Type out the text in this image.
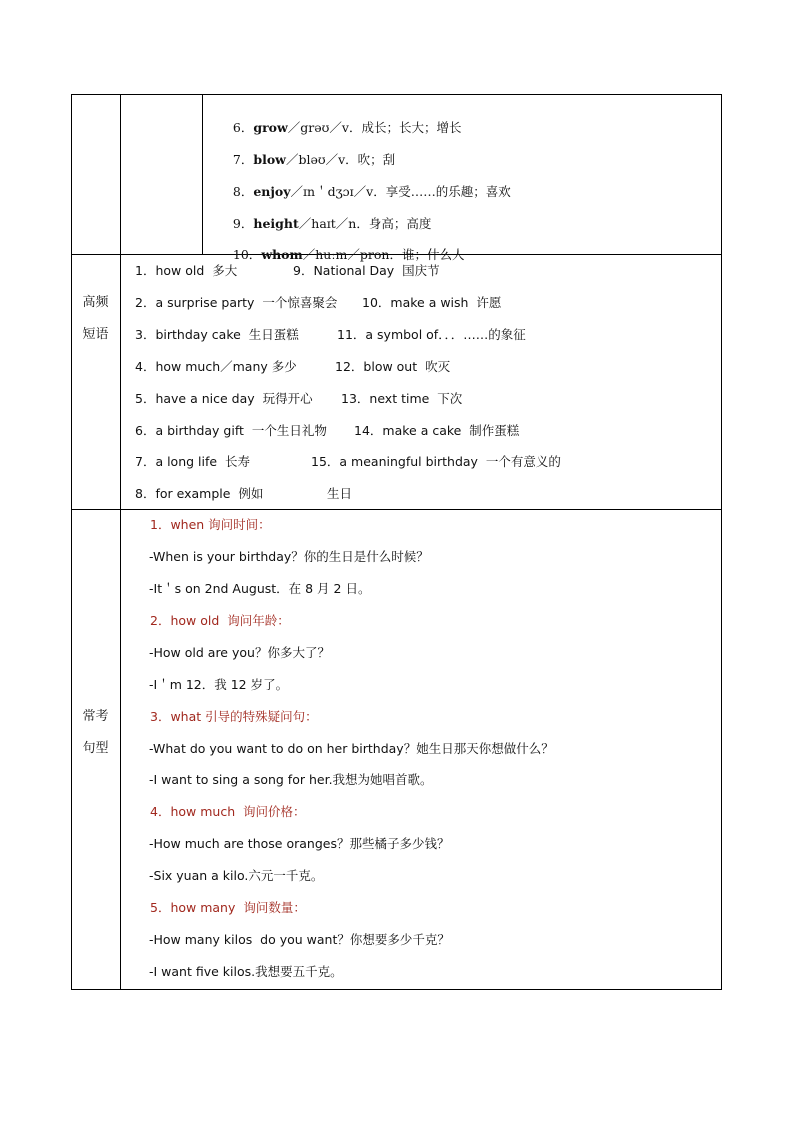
6．grow／grəʊ／v．成长；长大；增长

7．blow／bləʊ／v．吹；刮

8．enjoy／ɪn＇dʒɔɪ／v．享受……的乐趣；喜欢

9．height／haɪt／n．身高；高度

10．whom／huːm／pron．谁；什么人

高频
短语
1．how old  多大	9．National Day  国庆节
2．a surprise party  一个惊喜聚会 10．make a wish  许愿
3．birthday cake  生日蛋糕	11．a symbol of．．．……的象征
4．how much／many 多少	12．blow out  吹灭
5．have a nice day  玩得开心 13．next time  下次
6．a birthday gift  一个生日礼物 14．make a cake  制作蛋糕
7．a long life  长寿	15．a meaningful birthday  一个有意义的
8．for example  例如	生日
常考
句型
1．when 询问时间：
-When is your birthday？你的生日是什么时候？
-It＇s on 2nd August．在 8 月 2 日。
2．how old  询问年龄：
-How old are you？你多大了？
-I＇m 12．我 12 岁了。
3．what 引导的特殊疑问句：
-What do you want to do on her birthday？她生日那天你想做什么？
-I want to sing a song for her.我想为她唱首歌。
4．how much  询问价格：
-How much are those oranges？那些橘子多少钱？
-Six yuan a kilo.六元一千克。
5．how many  询问数量：
-How many kilos  do you want？你想要多少千克？
-I want five kilos.我想要五千克。
